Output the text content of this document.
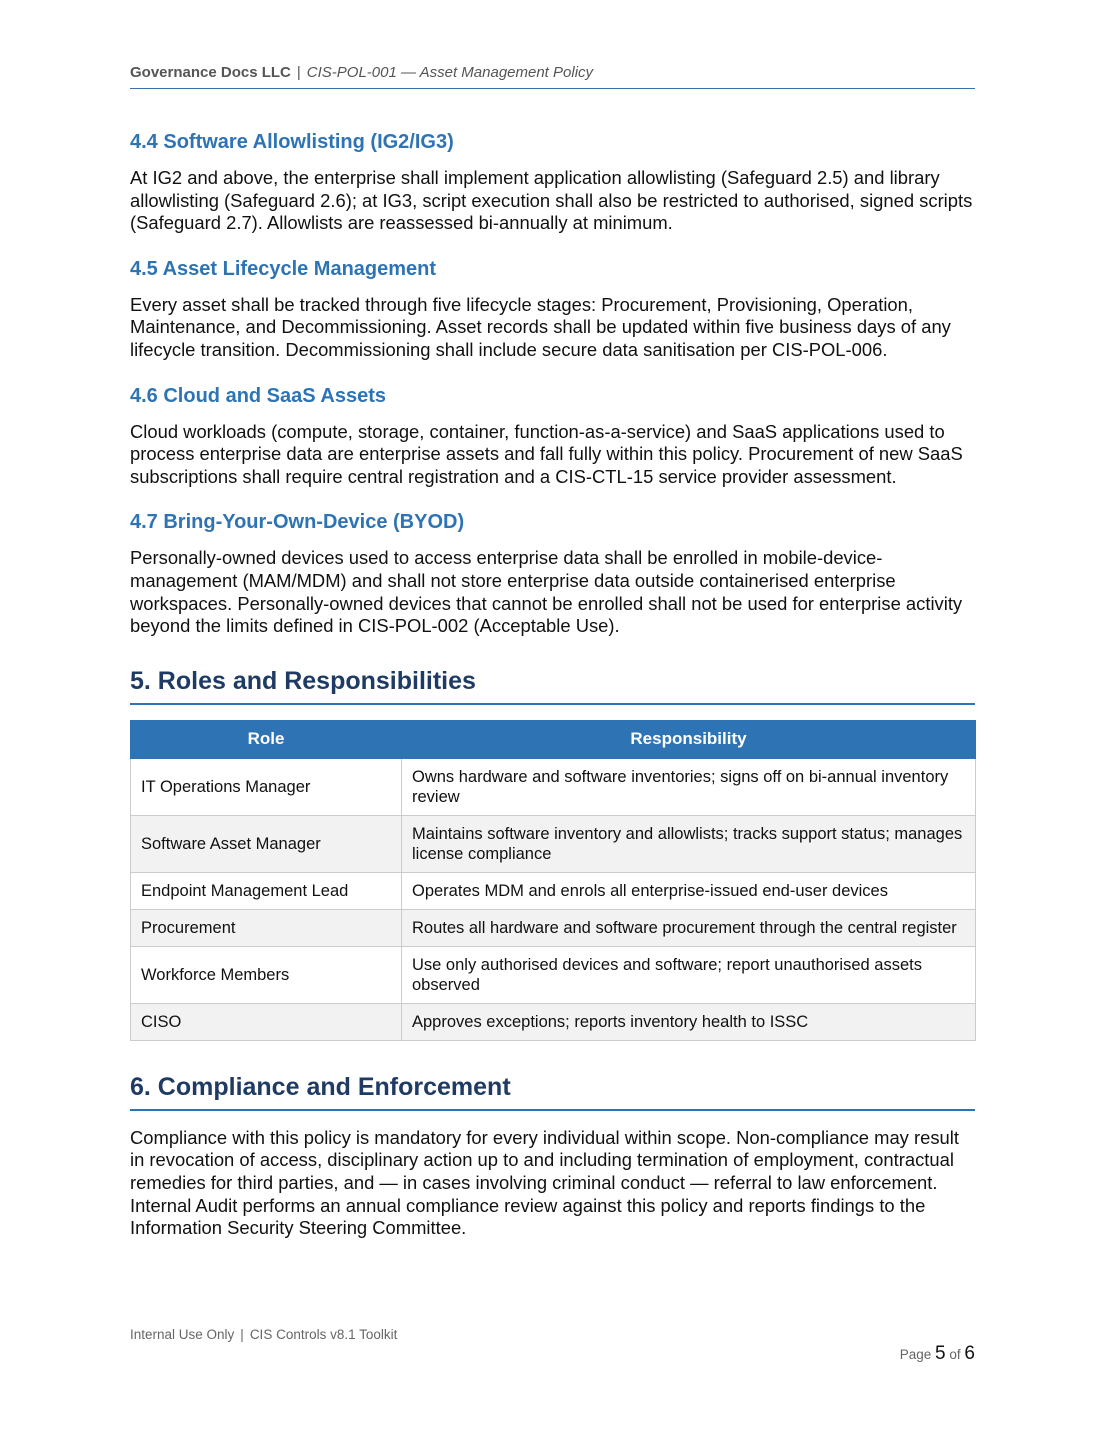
Governance Docs LLC | CIS-POL-001 — Asset Management Policy
4.4 Software Allowlisting (IG2/IG3)

At IG2 and above, the enterprise shall implement application allowlisting (Safeguard 2.5) and library allowlisting (Safeguard 2.6); at IG3, script execution shall also be restricted to authorised, signed scripts (Safeguard 2.7). Allowlists are reassessed bi-annually at minimum.

4.5 Asset Lifecycle Management

Every asset shall be tracked through five lifecycle stages: Procurement, Provisioning, Operation, Maintenance, and Decommissioning. Asset records shall be updated within five business days of any lifecycle transition. Decommissioning shall include secure data sanitisation per CIS-POL-006.

4.6 Cloud and SaaS Assets

Cloud workloads (compute, storage, container, function-as-a-service) and SaaS applications used to process enterprise data are enterprise assets and fall fully within this policy. Procurement of new SaaS subscriptions shall require central registration and a CIS-CTL-15 service provider assessment.

4.7 Bring-Your-Own-Device (BYOD)

Personally-owned devices used to access enterprise data shall be enrolled in mobile-device-management (MAM/MDM) and shall not store enterprise data outside containerised enterprise workspaces. Personally-owned devices that cannot be enrolled shall not be used for enterprise activity beyond the limits defined in CIS-POL-002 (Acceptable Use).

5. Roles and Responsibilities
Role	Responsibility
IT Operations Manager	Owns hardware and software inventories; signs off on bi-annual inventory review
Software Asset Manager	Maintains software inventory and allowlists; tracks support status; manages license compliance
Endpoint Management Lead	Operates MDM and enrols all enterprise-issued end-user devices
Procurement	Routes all hardware and software procurement through the central register
Workforce Members	Use only authorised devices and software; report unauthorised assets observed
CISO	Approves exceptions; reports inventory health to ISSC
6. Compliance and Enforcement

Compliance with this policy is mandatory for every individual within scope. Non-compliance may result in revocation of access, disciplinary action up to and including termination of employment, contractual remedies for third parties, and — in cases involving criminal conduct — referral to law enforcement. Internal Audit performs an annual compliance review against this policy and reports findings to the Information Security Steering Committee.

Internal Use Only | CIS Controls v8.1 Toolkit
Page 5 of 6
